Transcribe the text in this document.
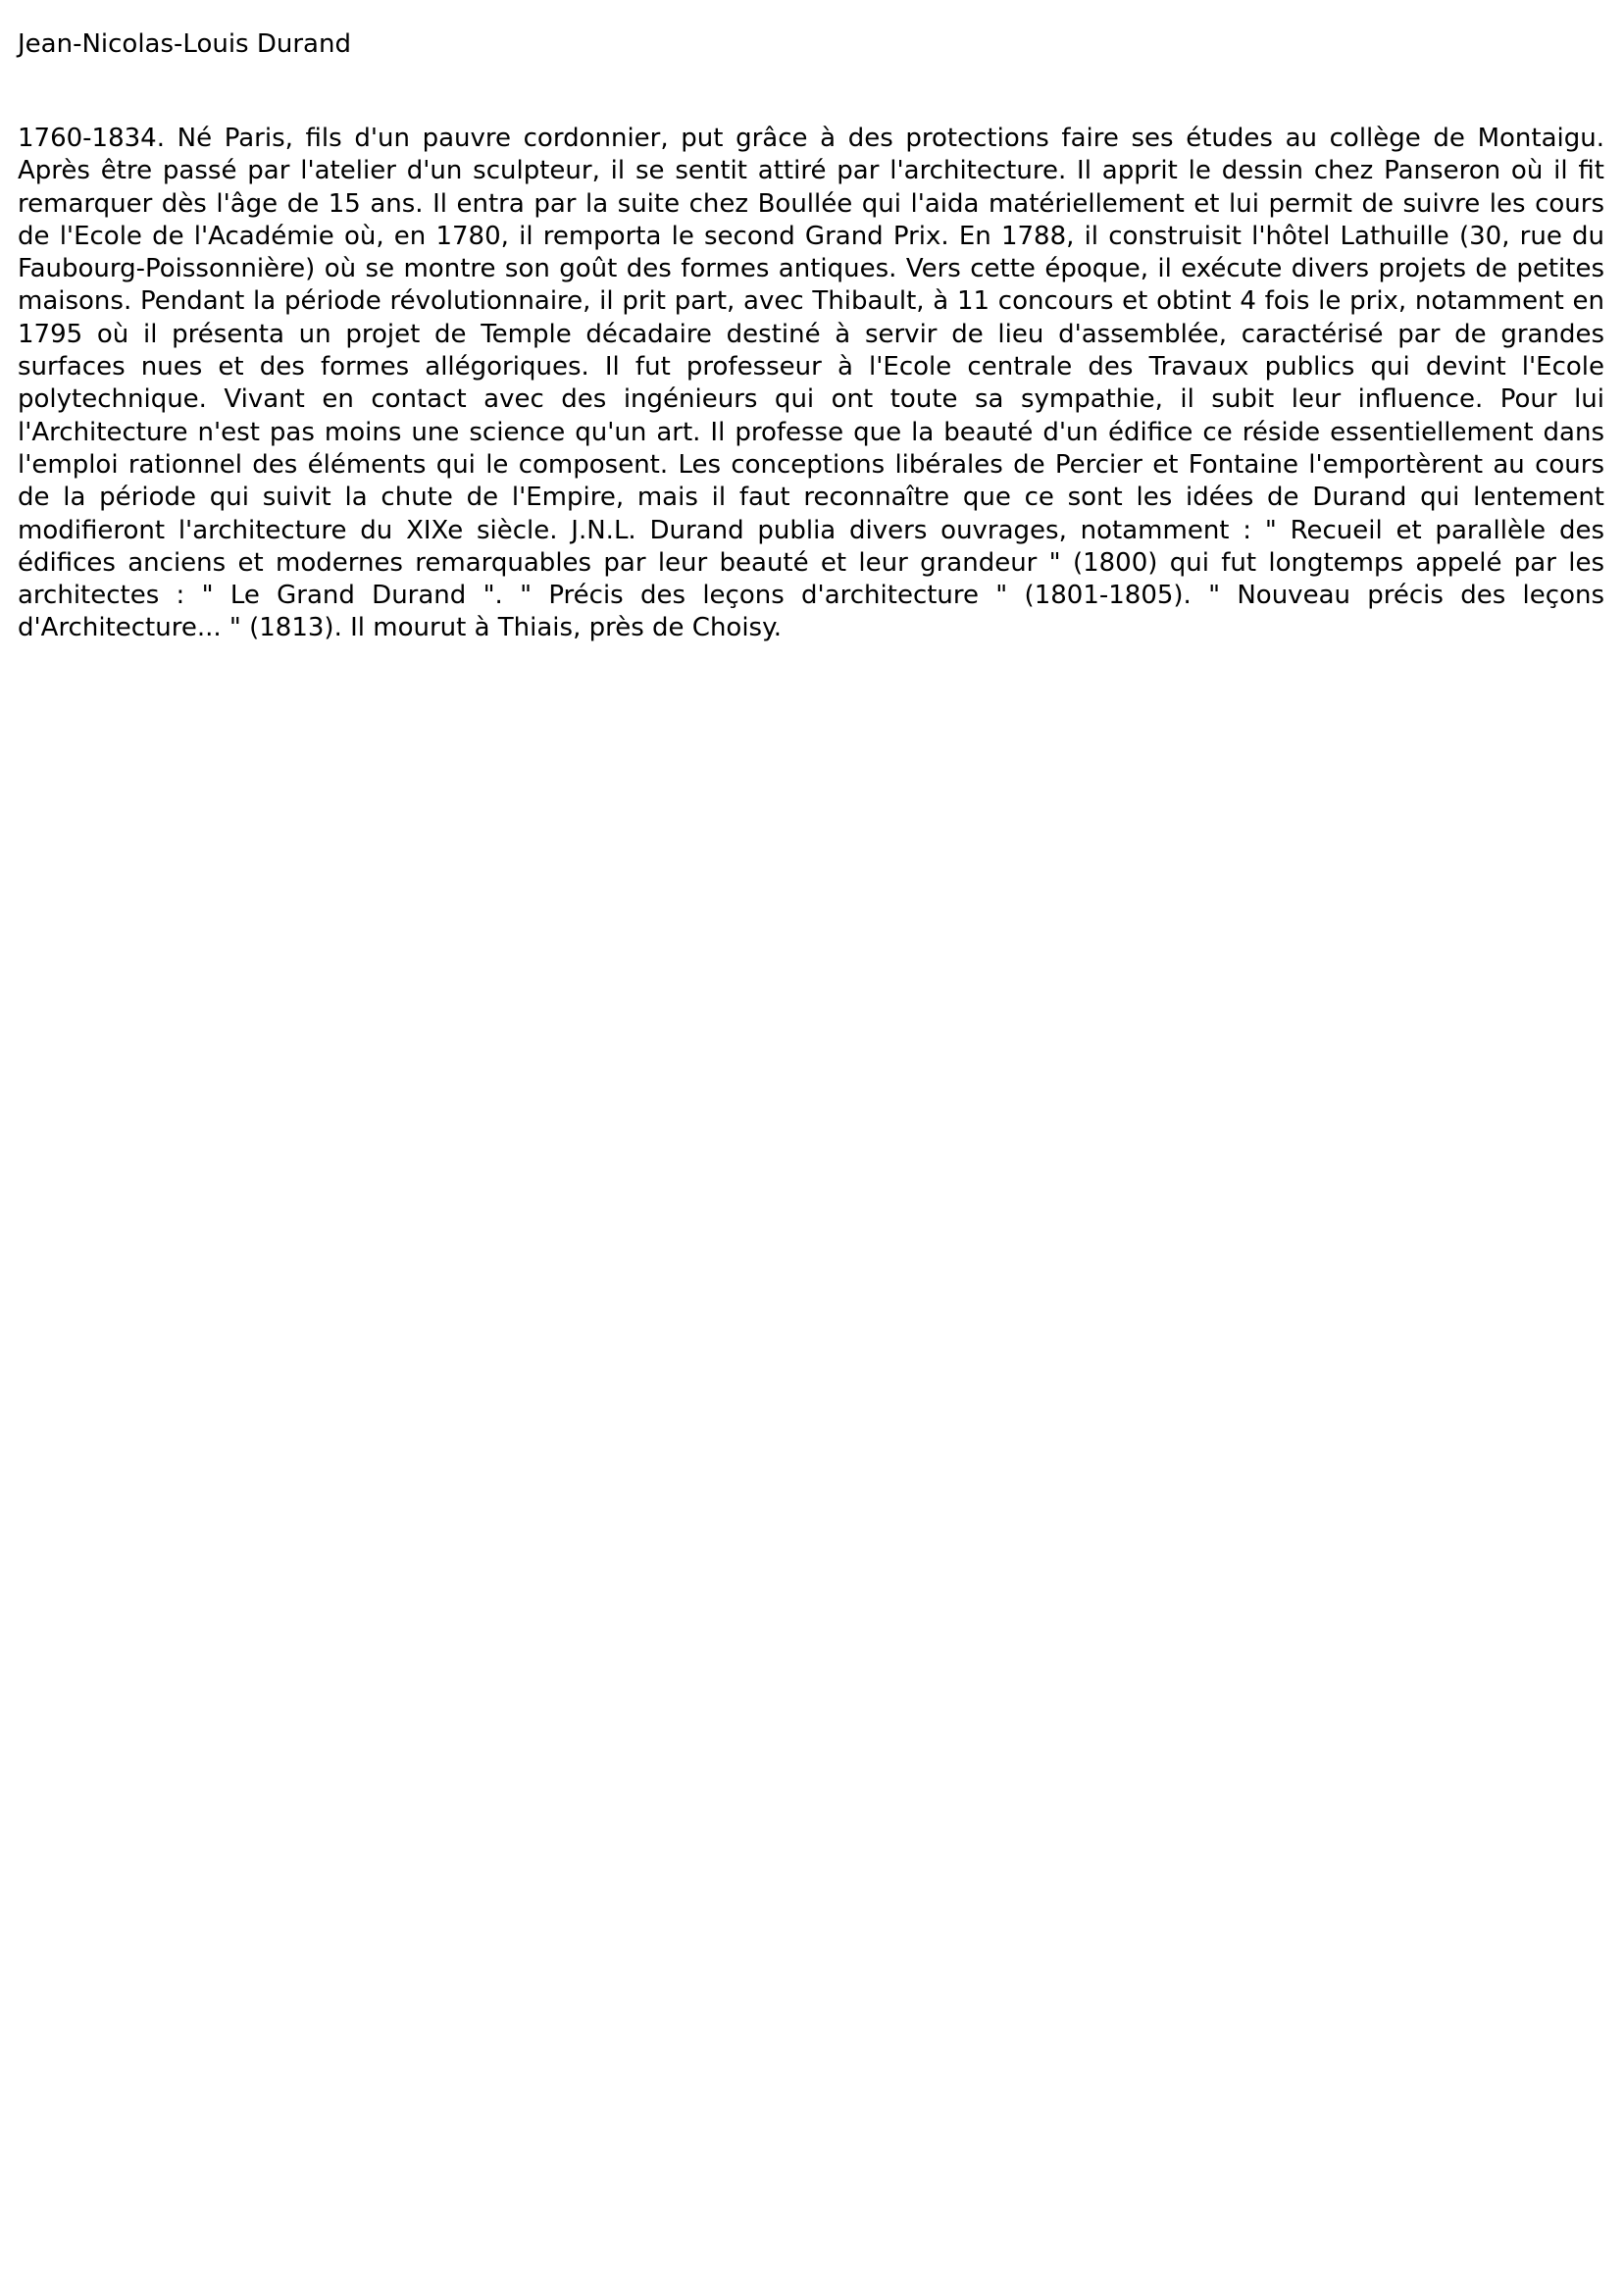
Jean-Nicolas-Louis Durand

1760-1834. Né Paris, fils d'un pauvre cordonnier, put grâce à des protections faire ses études au collège de Montaigu. Après être passé par l'atelier d'un sculpteur, il se sentit attiré par l'architecture. Il apprit le dessin chez Panseron où il fit remarquer dès l'âge de 15 ans. Il entra par la suite chez Boullée qui l'aida matériellement et lui permit de suivre les cours de l'Ecole de l'Académie où, en 1780, il remporta le second Grand Prix. En 1788, il construisit l'hôtel Lathuille (30, rue du Faubourg-Poissonnière) où se montre son goût des formes antiques. Vers cette époque, il exécute divers projets de petites maisons. Pendant la période révolutionnaire, il prit part, avec Thibault, à 11 concours et obtint 4 fois le prix, notamment en 1795 où il présenta un projet de Temple décadaire destiné à servir de lieu d'assemblée, caractérisé par de grandes surfaces nues et des formes allégoriques. Il fut professeur à l'Ecole centrale des Travaux publics qui devint l'Ecole polytechnique. Vivant en contact avec des ingénieurs qui ont toute sa sympathie, il subit leur influence. Pour lui l'Architecture n'est pas moins une science qu'un art. Il professe que la beauté d'un édifice ce réside essentiellement dans l'emploi rationnel des éléments qui le composent. Les conceptions libérales de Percier et Fontaine l'emportèrent au cours de la période qui suivit la chute de l'Empire, mais il faut reconnaître que ce sont les idées de Durand qui lentement modifieront l'architecture du XIXe siècle. J.N.L. Durand publia divers ouvrages, notamment : " Recueil et parallèle des édifices anciens et modernes remarquables par leur beauté et leur grandeur " (1800) qui fut longtemps appelé par les architectes : " Le Grand Durand ". " Précis des leçons d'architecture " (1801-1805). " Nouveau précis des leçons d'Architecture... " (1813). Il mourut à Thiais, près de Choisy.
